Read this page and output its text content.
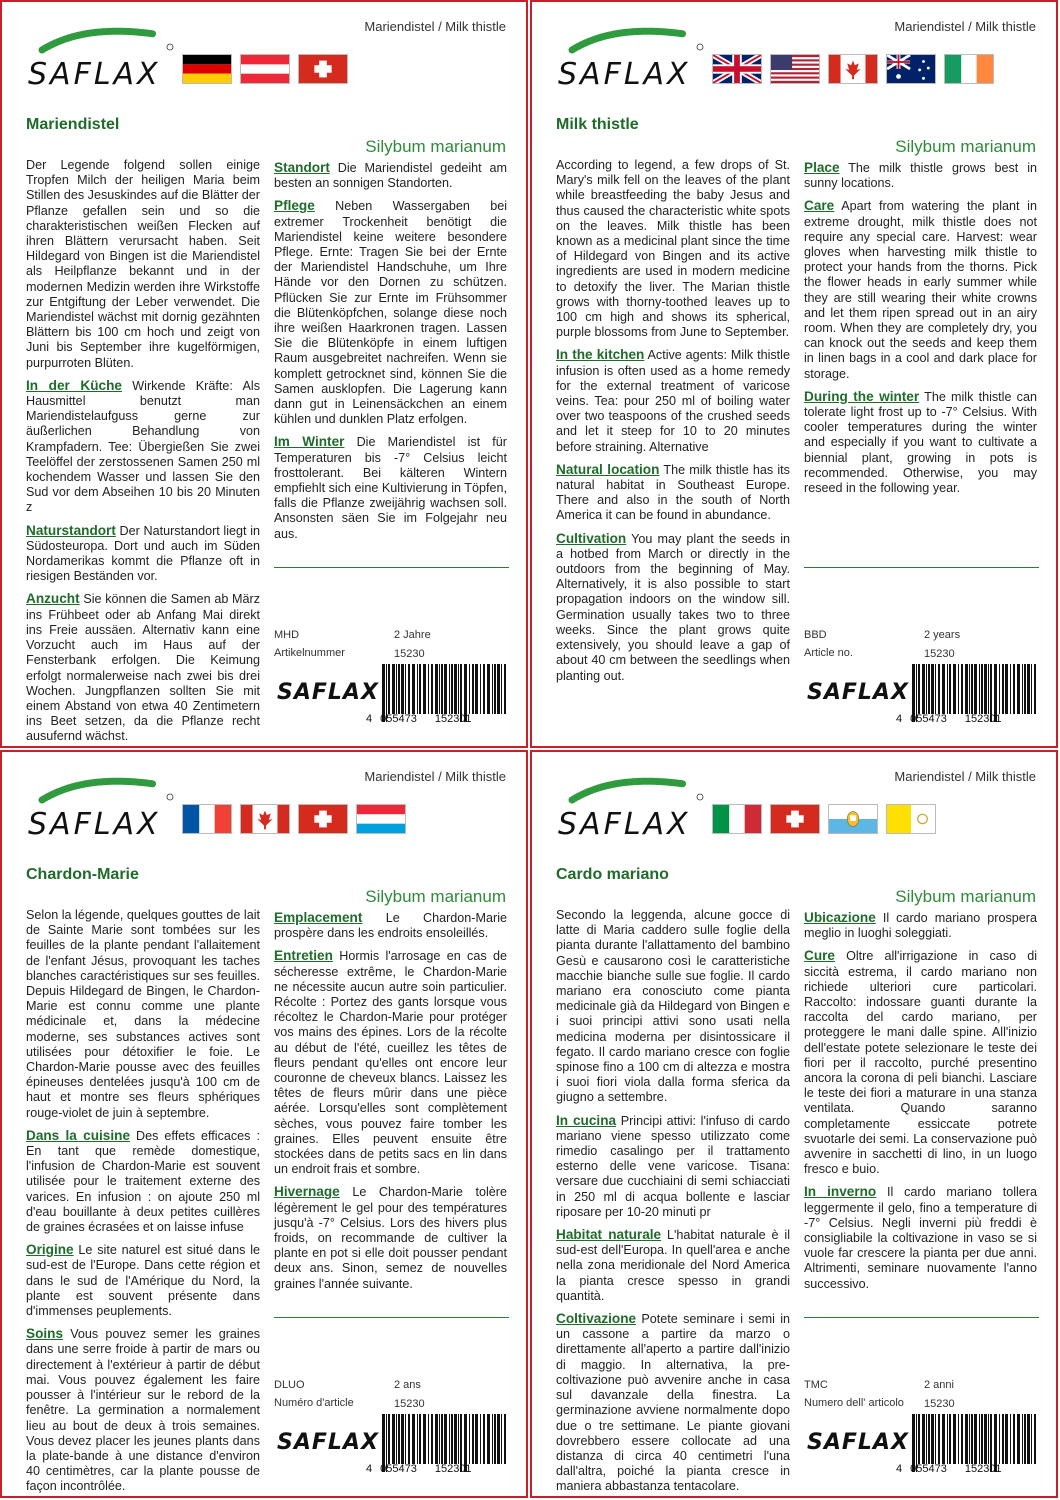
Mariendistel / Milk thistle
SAFLAX
Mariendistel
Silybum marianum

Der Legende folgend sollen einige Tropfen Milch der heiligen Maria beim Stillen des Jesuskindes auf die Blätter der Pflanze gefallen sein und so die charakteristischen weißen Flecken auf ihren Blättern verursacht haben. Seit Hildegard von Bingen ist die Mariendistel als Heilpflanze bekannt und in der modernen Medizin werden ihre Wirkstoffe zur Entgiftung der Leber verwendet. Die Mariendistel wächst mit dornig gezähnten Blättern bis 100 cm hoch und zeigt von Juni bis September ihre kugelförmigen, purpurroten Blüten.

In der Küche Wirkende Kräfte: Als Hausmittel benutzt man Mariendistelaufguss gerne zur äußerlichen Behandlung von Krampfadern. Tee: Übergießen Sie zwei Teelöffel der zerstossenen Samen 250 ml kochendem Wasser und lassen Sie den Sud vor dem Abseihen 10 bis 20 Minuten z

Naturstandort Der Naturstandort liegt in Südosteuropa. Dort und auch im Süden Nordamerikas kommt die Pflanze oft in riesigen Beständen vor.

Anzucht Sie können die Samen ab März ins Frühbeet oder ab Anfang Mai direkt ins Freie aussäen. Alternativ kann eine Vorzucht auch im Haus auf der Fensterbank erfolgen. Die Keimung erfolgt normalerweise nach zwei bis drei Wochen. Jungpflanzen sollten Sie mit einem Abstand von etwa 40 Zentimetern ins Beet setzen, da die Pflanze recht ausufernd wächst.

Standort Die Mariendistel gedeiht am besten an sonnigen Standorten.

Pflege Neben Wassergaben bei extremer Trockenheit benötigt die Mariendistel keine weitere besondere Pflege. Ernte: Tragen Sie bei der Ernte der Mariendistel Handschuhe, um Ihre Hände vor den Dornen zu schützen. Pflücken Sie zur Ernte im Frühsommer die Blütenköpfchen, solange diese noch ihre weißen Haarkronen tragen. Lassen Sie die Blütenköpfe in einem luftigen Raum ausgebreitet nachreifen. Wenn sie komplett getrocknet sind, können Sie die Samen ausklopfen. Die Lagerung kann dann gut in Leinensäckchen an einem kühlen und dunklen Platz erfolgen.

Im Winter Die Mariendistel ist für Temperaturen bis -7° Celsius leicht frosttolerant. Bei kälteren Wintern empfiehlt sich eine Kultivierung in Töpfen, falls die Pflanze zweijährig wachsen soll. Ansonsten säen Sie im Folgejahr neu aus.

MHD	2 Jahre
Artikelnummer	15230
SAFLAX
4 055473 152301
Mariendistel / Milk thistle
SAFLAX
Milk thistle
Silybum marianum

According to legend, a few drops of St. Mary's milk fell on the leaves of the plant while breastfeeding the baby Jesus and thus caused the characteristic white spots on the leaves. Milk thistle has been known as a medicinal plant since the time of Hildegard von Bingen and its active ingredients are used in modern medicine to detoxify the liver. The Marian thistle grows with thorny-toothed leaves up to 100 cm high and shows its spherical, purple blossoms from June to September.

In the kitchen Active agents: Milk thistle infusion is often used as a home remedy for the external treatment of varicose veins. Tea: pour 250 ml of boiling water over two teaspoons of the crushed seeds and let it steep for 10 to 20 minutes before straining. Alternative

Natural location The milk thistle has its natural habitat in Southeast Europe. There and also in the south of North America it can be found in abundance.

Cultivation You may plant the seeds in a hotbed from March or directly in the outdoors from the beginning of May. Alternatively, it is also possible to start propagation indoors on the window sill. Germination usually takes two to three weeks. Since the plant grows quite extensively, you should leave a gap of about 40 cm between the seedlings when planting out.

Place The milk thistle grows best in sunny locations.

Care Apart from watering the plant in extreme drought, milk thistle does not require any special care. Harvest: wear gloves when harvesting milk thistle to protect your hands from the thorns. Pick the flower heads in early summer while they are still wearing their white crowns and let them ripen spread out in an airy room. When they are completely dry, you can knock out the seeds and keep them in linen bags in a cool and dark place for storage.

During the winter The milk thistle can tolerate light frost up to -7° Celsius. With cooler temperatures during the winter and especially if you want to cultivate a biennial plant, growing in pots is recommended. Otherwise, you may reseed in the following year.

BBD	2 years
Article no.	15230
SAFLAX
4 055473 152301
Mariendistel / Milk thistle
SAFLAX
Chardon-Marie
Silybum marianum

Selon la légende, quelques gouttes de lait de Sainte Marie sont tombées sur les feuilles de la plante pendant l'allaitement de l'enfant Jésus, provoquant les taches blanches caractéristiques sur ses feuilles. Depuis Hildegard de Bingen, le Chardon-Marie est connu comme une plante médicinale et, dans la médecine moderne, ses substances actives sont utilisées pour détoxifier le foie. Le Chardon-Marie pousse avec des feuilles épineuses dentelées jusqu'à 100 cm de haut et montre ses fleurs sphériques rouge-violet de juin à septembre.

Dans la cuisine Des effets efficaces : En tant que remède domestique, l'infusion de Chardon-Marie est souvent utilisée pour le traitement externe des varices. En infusion : on ajoute 250 ml d'eau bouillante à deux petites cuillères de graines écrasées et on laisse infuse

Origine Le site naturel est situé dans le sud-est de l'Europe. Dans cette région et dans le sud de l'Amérique du Nord, la plante est souvent présente dans d'immenses peuplements.

Soins Vous pouvez semer les graines dans une serre froide à partir de mars ou directement à l'extérieur à partir de début mai. Vous pouvez également les faire pousser à l'intérieur sur le rebord de la fenêtre. La germination a normalement lieu au bout de deux à trois semaines. Vous devez placer les jeunes plants dans la plate-bande à une distance d'environ 40 centimètres, car la plante pousse de façon incontrôlée.

Emplacement Le Chardon-Marie prospère dans les endroits ensoleillés.

Entretien Hormis l'arrosage en cas de sécheresse extrême, le Chardon-Marie ne nécessite aucun autre soin particulier. Récolte : Portez des gants lorsque vous récoltez le Chardon-Marie pour protéger vos mains des épines. Lors de la récolte au début de l'été, cueillez les têtes de fleurs pendant qu'elles ont encore leur couronne de cheveux blancs. Laissez les têtes de fleurs mûrir dans une pièce aérée. Lorsqu'elles sont complètement sèches, vous pouvez faire tomber les graines. Elles peuvent ensuite être stockées dans de petits sacs en lin dans un endroit frais et sombre.

Hivernage Le Chardon-Marie tolère légèrement le gel pour des températures jusqu'à -7° Celsius. Lors des hivers plus froids, on recommande de cultiver la plante en pot si elle doit pousser pendant deux ans. Sinon, semez de nouvelles graines l'année suivante.

DLUO	2 ans
Numéro d'article	15230
SAFLAX
4 055473 152301
Mariendistel / Milk thistle
SAFLAX
Cardo mariano
Silybum marianum

Secondo la leggenda, alcune gocce di latte di Maria caddero sulle foglie della pianta durante l'allattamento del bambino Gesù e causarono così le caratteristiche macchie bianche sulle sue foglie. Il cardo mariano era conosciuto come pianta medicinale già da Hildegard von Bingen e i suoi principi attivi sono usati nella medicina moderna per disintossicare il fegato. Il cardo mariano cresce con foglie spinose fino a 100 cm di altezza e mostra i suoi fiori viola dalla forma sferica da giugno a settembre.

In cucina Principi attivi: l'infuso di cardo mariano viene spesso utilizzato come rimedio casalingo per il trattamento esterno delle vene varicose. Tisana: versare due cucchiaini di semi schiacciati in 250 ml di acqua bollente e lasciar riposare per 10-20 minuti pr

Habitat naturale L'habitat naturale è il sud-est dell'Europa. In quell'area e anche nella zona meridionale del Nord America la pianta cresce spesso in grandi quantità.

Coltivazione Potete seminare i semi in un cassone a partire da marzo o direttamente all'aperto a partire dall'inizio di maggio. In alternativa, la pre-coltivazione può avvenire anche in casa sul davanzale della finestra. La germinazione avviene normalmente dopo due o tre settimane. Le piante giovani dovrebbero essere collocate ad una distanza di circa 40 centimetri l'una dall'altra, poiché la pianta cresce in maniera abbastanza tentacolare.

Ubicazione Il cardo mariano prospera meglio in luoghi soleggiati.

Cure Oltre all'irrigazione in caso di siccità estrema, il cardo mariano non richiede ulteriori cure particolari. Raccolto: indossare guanti durante la raccolta del cardo mariano, per proteggere le mani dalle spine. All'inizio dell'estate potete selezionare le teste dei fiori per il raccolto, purché presentino ancora la corona di peli bianchi. Lasciare le teste dei fiori a maturare in una stanza ventilata. Quando saranno completamente essiccate potrete svuotarle dei semi. La conservazione può avvenire in sacchetti di lino, in un luogo fresco e buio.

In inverno Il cardo mariano tollera leggermente il gelo, fino a temperature di -7° Celsius. Negli inverni più freddi è consigliabile la coltivazione in vaso se si vuole far crescere la pianta per due anni. Altrimenti, seminare nuovamente l'anno successivo.

TMC	2 anni
Numero dell' articolo 15230
SAFLAX
4 055473 152301
